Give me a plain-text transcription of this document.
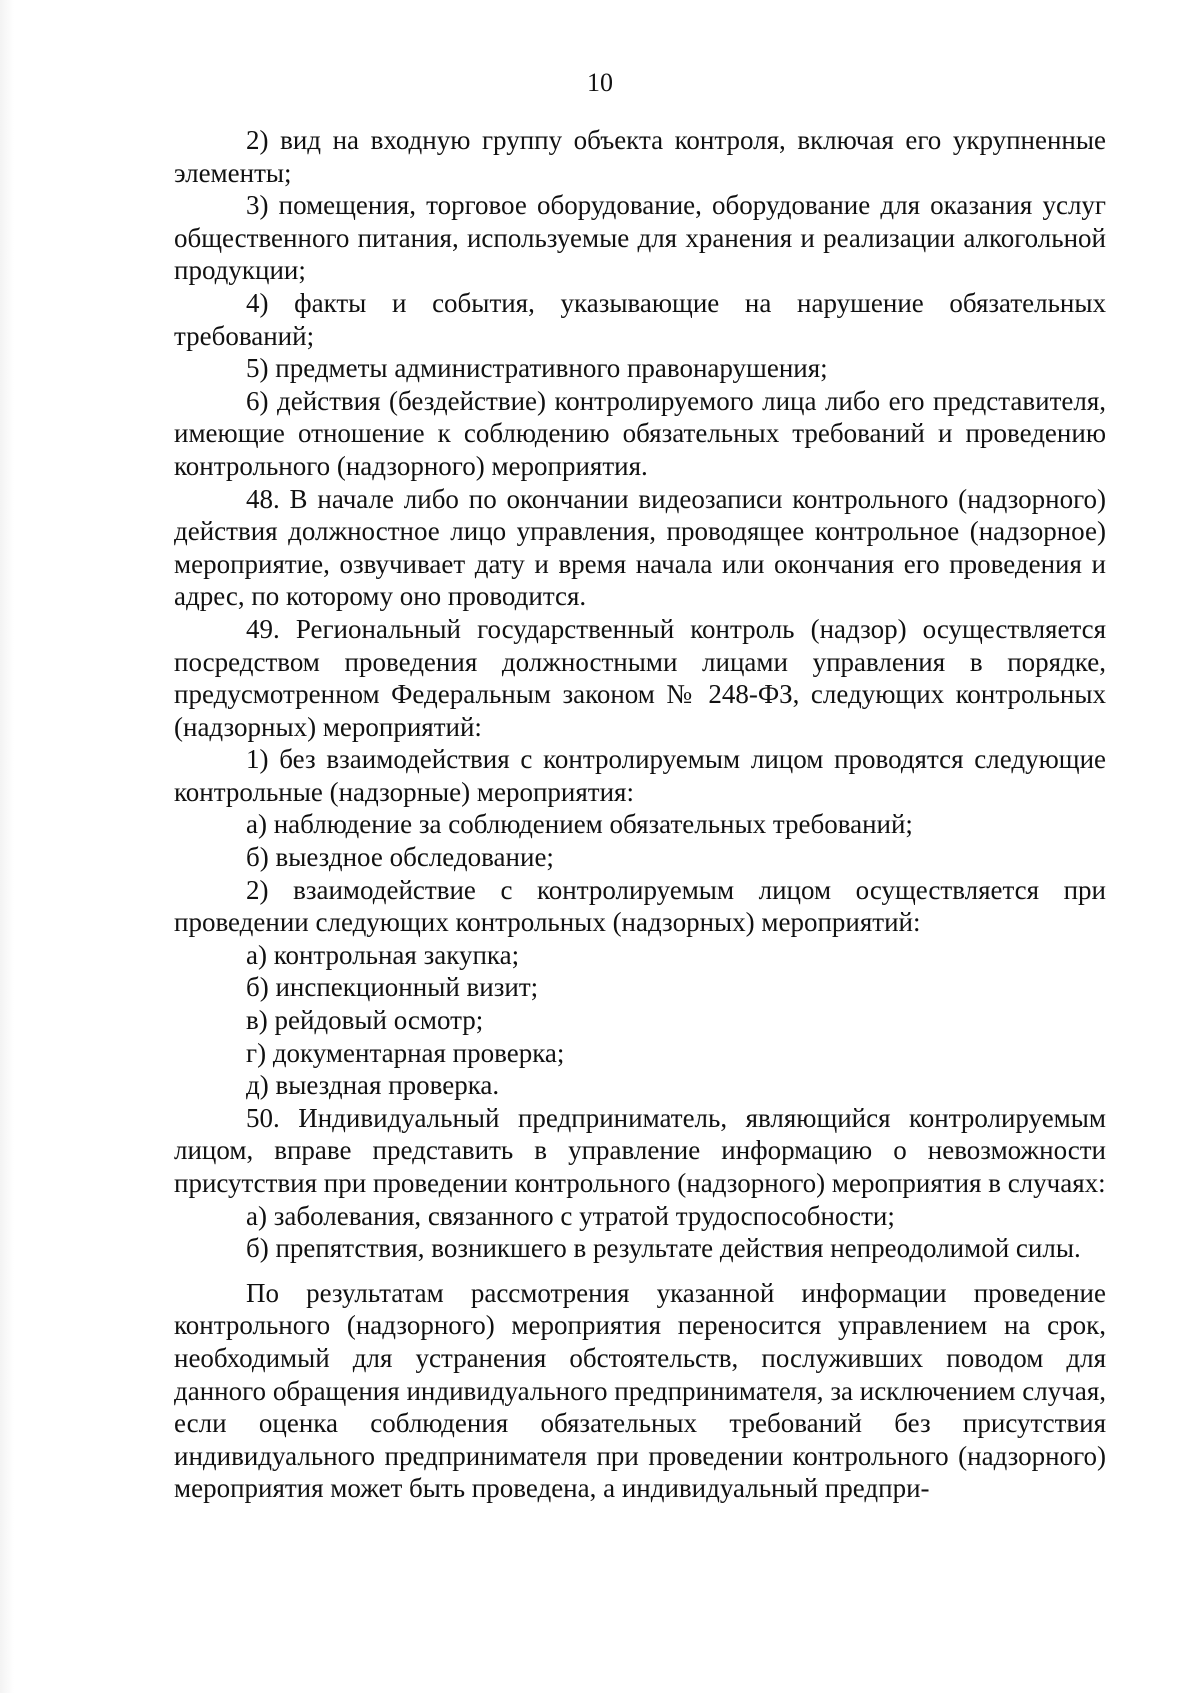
10

2) вид на входную группу объекта контроля, включая его укрупненные элементы;

3) помещения, торговое оборудование, оборудование для оказания услуг общественного питания, используемые для хранения и реализации алкогольной продукции;

4) факты и события, указывающие на нарушение обязательных требований;

5) предметы административного правонарушения;

6) действия (бездействие) контролируемого лица либо его представителя, имеющие отношение к соблюдению обязательных требований и проведению контрольного (надзорного) мероприятия.

48. В начале либо по окончании видеозаписи контрольного (надзорного) действия должностное лицо управления, проводящее контрольное (надзорное) мероприятие, озвучивает дату и время начала или окончания его проведения и адрес, по которому оно проводится.

49. Региональный государственный контроль (надзор) осуществляется посредством проведения должностными лицами управления в порядке, предусмотренном Федеральным законом № 248-ФЗ, следующих контрольных (надзорных) мероприятий:

1) без взаимодействия с контролируемым лицом проводятся следующие контрольные (надзорные) мероприятия:

а) наблюдение за соблюдением обязательных требований;

б) выездное обследование;

2) взаимодействие с контролируемым лицом осуществляется при проведении следующих контрольных (надзорных) мероприятий:

а) контрольная закупка;

б) инспекционный визит;

в) рейдовый осмотр;

г) документарная проверка;

д) выездная проверка.

50. Индивидуальный предприниматель, являющийся контролируемым лицом, вправе представить в управление информацию о невозможности присутствия при проведении контрольного (надзорного) мероприятия в случаях:

а) заболевания, связанного с утратой трудоспособности;

б) препятствия, возникшего в результате действия непреодолимой силы.

По результатам рассмотрения указанной информации проведение контрольного (надзорного) мероприятия переносится управлением на срок, необходимый для устранения обстоятельств, послуживших поводом для данного обращения индивидуального предпринимателя, за исключением случая, если оценка соблюдения обязательных требований без присутствия индивидуального предпринимателя при проведении контрольного (надзорного) мероприятия может быть проведена, а индивидуальный предпри-
